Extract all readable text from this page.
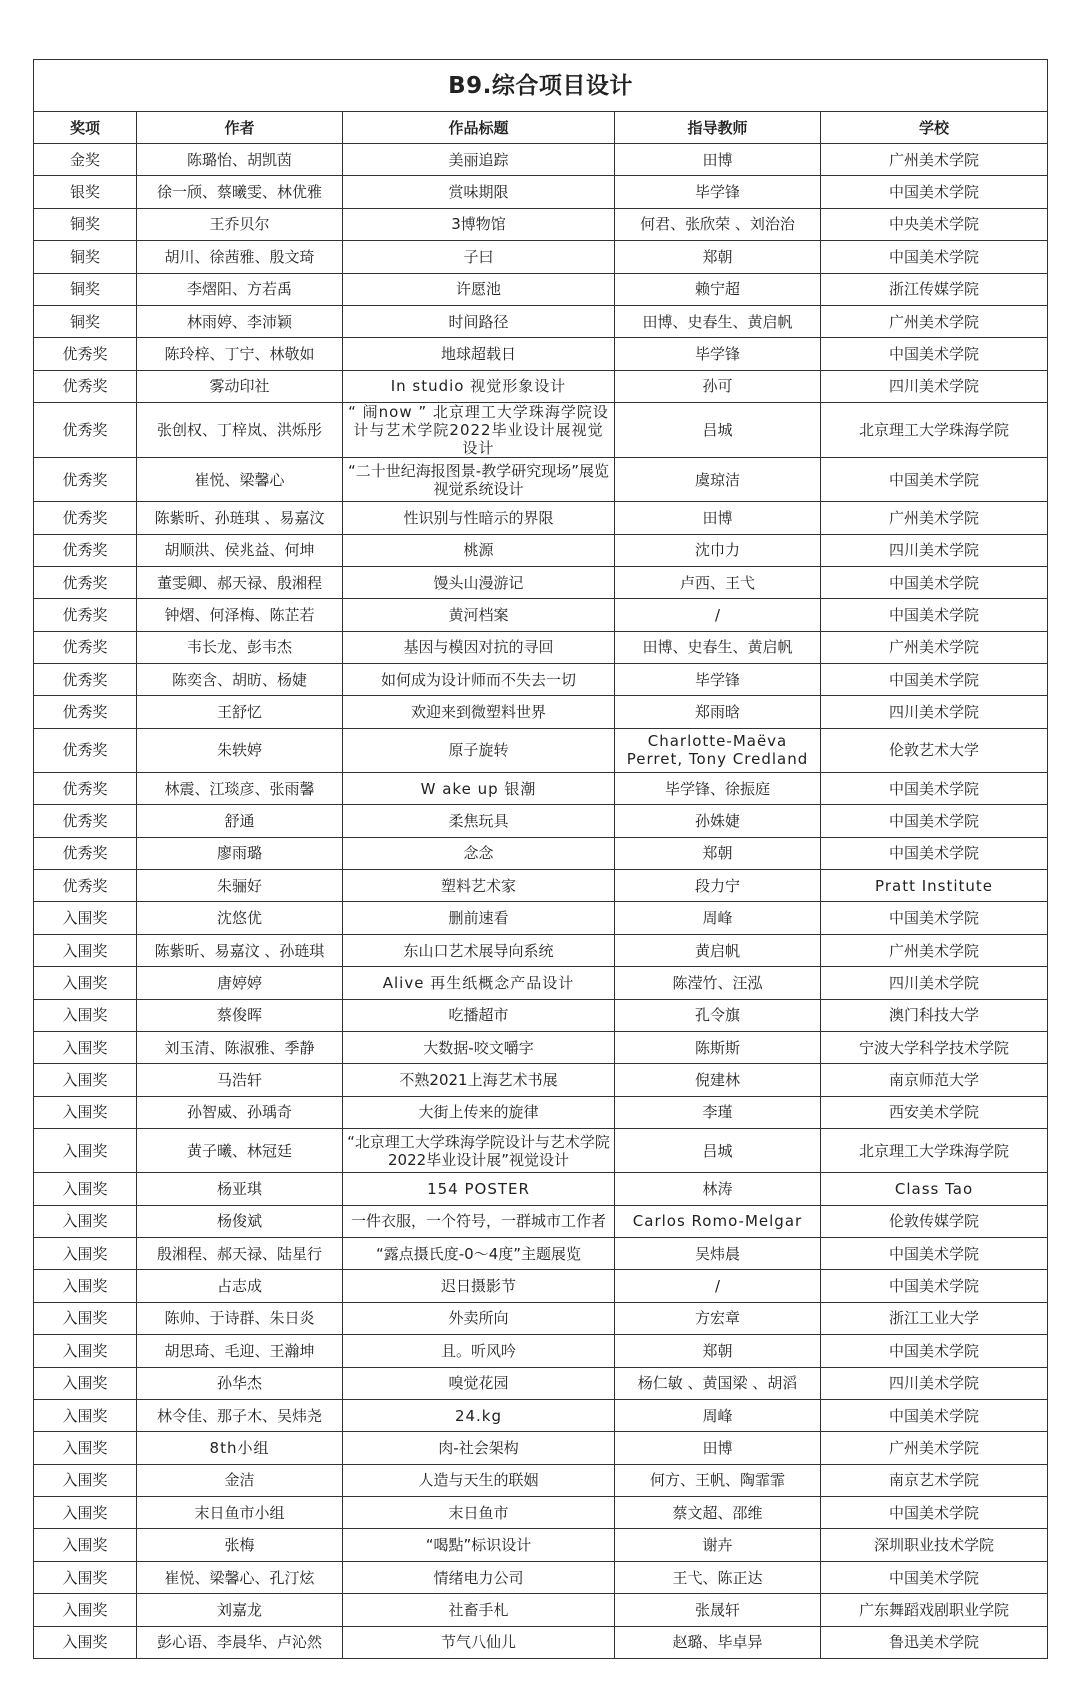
B9.综合项目设计				
奖项	作者	作品标题	指导教师	学校
金奖	陈璐怡、胡凯茵	美丽追踪	田博	广州美术学院
银奖	徐一颀、蔡曦雯、林优雅	赏味期限	毕学锋	中国美术学院
铜奖	王乔贝尔	3博物馆	何君、张欣荣 、刘治治	中央美术学院
铜奖	胡川、徐茜雅、殷文琦	子曰	郑朝	中国美术学院
铜奖	李熠阳、方若禹	许愿池	赖宁超	浙江传媒学院
铜奖	林雨婷、李沛颖	时间路径	田博、史春生、黄启帆	广州美术学院
优秀奖	陈玲梓、丁宁、林敬如	地球超载日	毕学锋	中国美术学院
优秀奖	雾动印社	In studio 视觉形象设计	孙可	四川美术学院
优秀奖	张创权、丁梓岚、洪烁彤	“ 闹now ” 北京理工大学珠海学院设计与艺术学院2022毕业设计展视觉设计	吕城	北京理工大学珠海学院
优秀奖	崔悦、梁馨心	“二十世纪海报图景-教学研究现场”展览视觉系统设计	虞琼洁	中国美术学院
优秀奖	陈紫昕、孙琏琪 、易嘉汶	性识别与性暗示的界限	田博	广州美术学院
优秀奖	胡顺洪、侯兆益、何坤	桃源	沈巾力	四川美术学院
优秀奖	董雯卿、郝天禄、殷湘程	馒头山漫游记	卢西、王弋	中国美术学院
优秀奖	钟熠、何泽梅、陈芷若	黄河档案	/	中国美术学院
优秀奖	韦长龙、彭韦杰	基因与模因对抗的寻回	田博、史春生、黄启帆	广州美术学院
优秀奖	陈奕含、胡昉、杨婕	如何成为设计师而不失去一切	毕学锋	中国美术学院
优秀奖	王舒忆	欢迎来到微塑料世界	郑雨晗	四川美术学院
优秀奖	朱轶婷	原子旋转	Charlotte-Maëva Perret, Tony Credland	伦敦艺术大学
优秀奖	林震、江琰彦、张雨馨	W ake up 银潮	毕学锋、徐振庭	中国美术学院
优秀奖	舒通	柔焦玩具	孙姝婕	中国美术学院
优秀奖	廖雨璐	念念	郑朝	中国美术学院
优秀奖	朱骊好	塑料艺术家	段力宁	Pratt Institute
入围奖	沈悠优	删前速看	周峰	中国美术学院
入围奖	陈紫昕、易嘉汶 、孙琏琪	东山口艺术展导向系统	黄启帆	广州美术学院
入围奖	唐婷婷	Alive 再生纸概念产品设计	陈滢竹、汪泓	四川美术学院
入围奖	蔡俊晖	吃播超市	孔令旗	澳门科技大学
入围奖	刘玉清、陈淑雅、季静	大数据-咬文嚼字	陈斯斯	宁波大学科学技术学院
入围奖	马浩轩	不熟2021上海艺术书展	倪建林	南京师范大学
入围奖	孙智威、孙瑀奇	大街上传来的旋律	李瑾	西安美术学院
入围奖	黄子曦、林冠廷	“北京理工大学珠海学院设计与艺术学院2022毕业设计展”视觉设计	吕城	北京理工大学珠海学院
入围奖	杨亚琪	154 POSTER	林涛	Class Tao
入围奖	杨俊斌	一件衣服，一个符号，一群城市工作者	Carlos Romo-Melgar	伦敦传媒学院
入围奖	殷湘程、郝天禄、陆星行	“露点摄氏度-0～4度”主题展览	吴炜晨	中国美术学院
入围奖	占志成	迟日摄影节	/	中国美术学院
入围奖	陈帅、于诗群、朱日炎	外卖所向	方宏章	浙江工业大学
入围奖	胡思琦、毛迎、王瀚坤	且。听风吟	郑朝	中国美术学院
入围奖	孙华杰	嗅觉花园	杨仁敏 、黄国梁 、胡滔	四川美术学院
入围奖	林令佳、那子木、吴炜尧	24.kg	周峰	中国美术学院
入围奖	8th小组	肉-社会架构	田博	广州美术学院
入围奖	金洁	人造与天生的联姻	何方、王帆、陶霏霏	南京艺术学院
入围奖	末日鱼市小组	末日鱼市	蔡文超、邵维	中国美术学院
入围奖	张梅	“喝點”标识设计	谢卉	深圳职业技术学院
入围奖	崔悦、梁馨心、孔汀炫	情绪电力公司	王弋、陈正达	中国美术学院
入围奖	刘嘉龙	社畜手札	张晟轩	广东舞蹈戏剧职业学院
入围奖	彭心语、李晨华、卢沁然	节气八仙儿	赵璐、毕卓异	鲁迅美术学院
